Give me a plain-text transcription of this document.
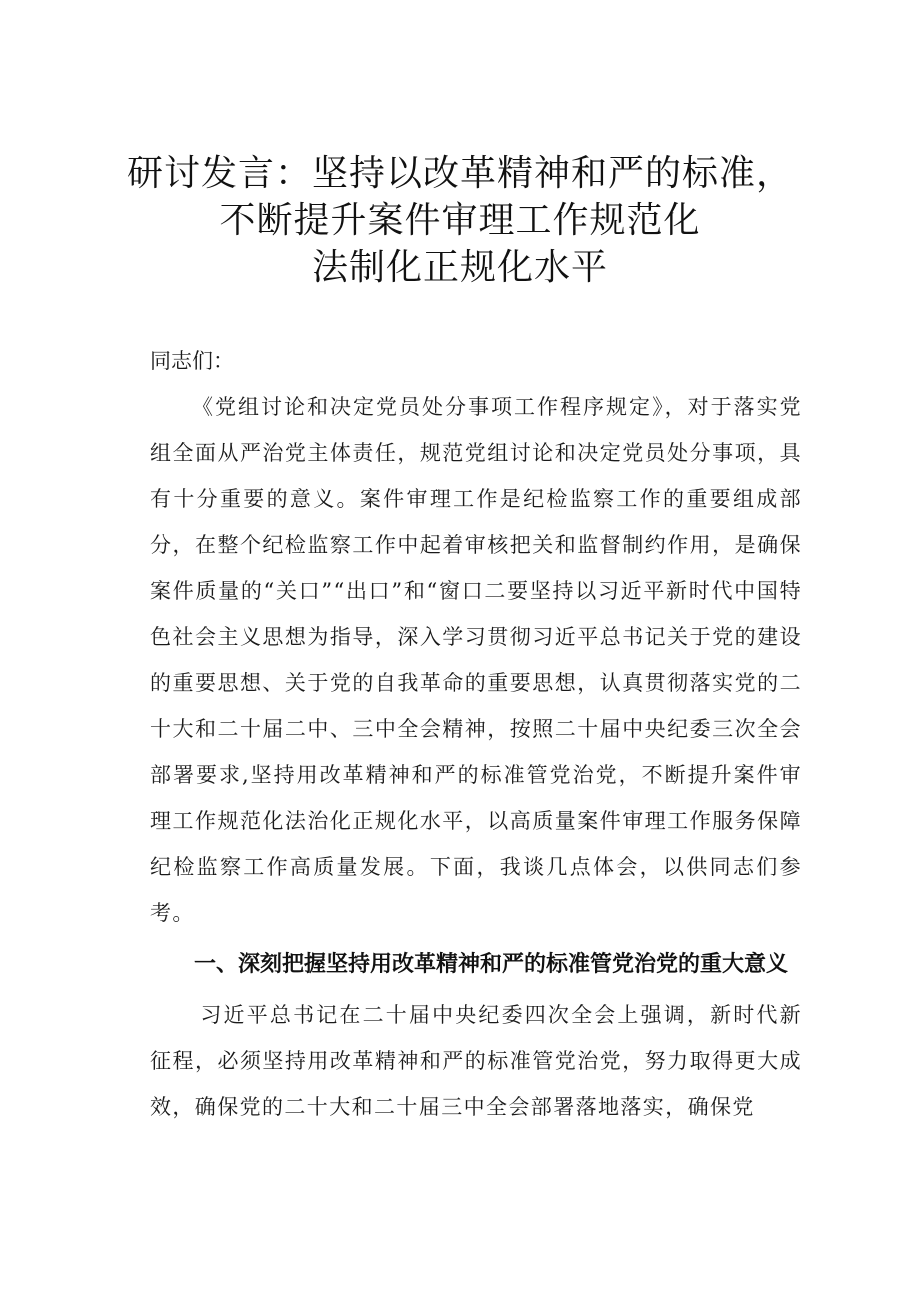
研讨发言：坚持以改革精神和严的标准，
不断提升案件审理工作规范化
法制化正规化水平

同志们：

《党组讨论和决定党员处分事项工作程序规定》，对于落实党组全面从严治党主体责任，规范党组讨论和决定党员处分事项，具有十分重要的意义。案件审理工作是纪检监察工作的重要组成部分，在整个纪检监察工作中起着审核把关和监督制约作用，是确保案件质量的“关口”“出口”和“窗口二要坚持以习近平新时代中国特色社会主义思想为指导，深入学习贯彻习近平总书记关于党的建设的重要思想、关于党的自我革命的重要思想，认真贯彻落实党的二十大和二十届二中、三中全会精神，按照二十届中央纪委三次全会部署要求,坚持用改革精神和严的标准管党治党，不断提升案件审理工作规范化法治化正规化水平，以高质量案件审理工作服务保障纪检监察工作高质量发展。下面，我谈几点体会，以供同志们参考。

一、深刻把握坚持用改革精神和严的标准管党治党的重大意义

习近平总书记在二十届中央纪委四次全会上强调，新时代新征程，必须坚持用改革精神和严的标准管党治党，努力取得更大成效，确保党的二十大和二十届三中全会部署落地落实，确保党
